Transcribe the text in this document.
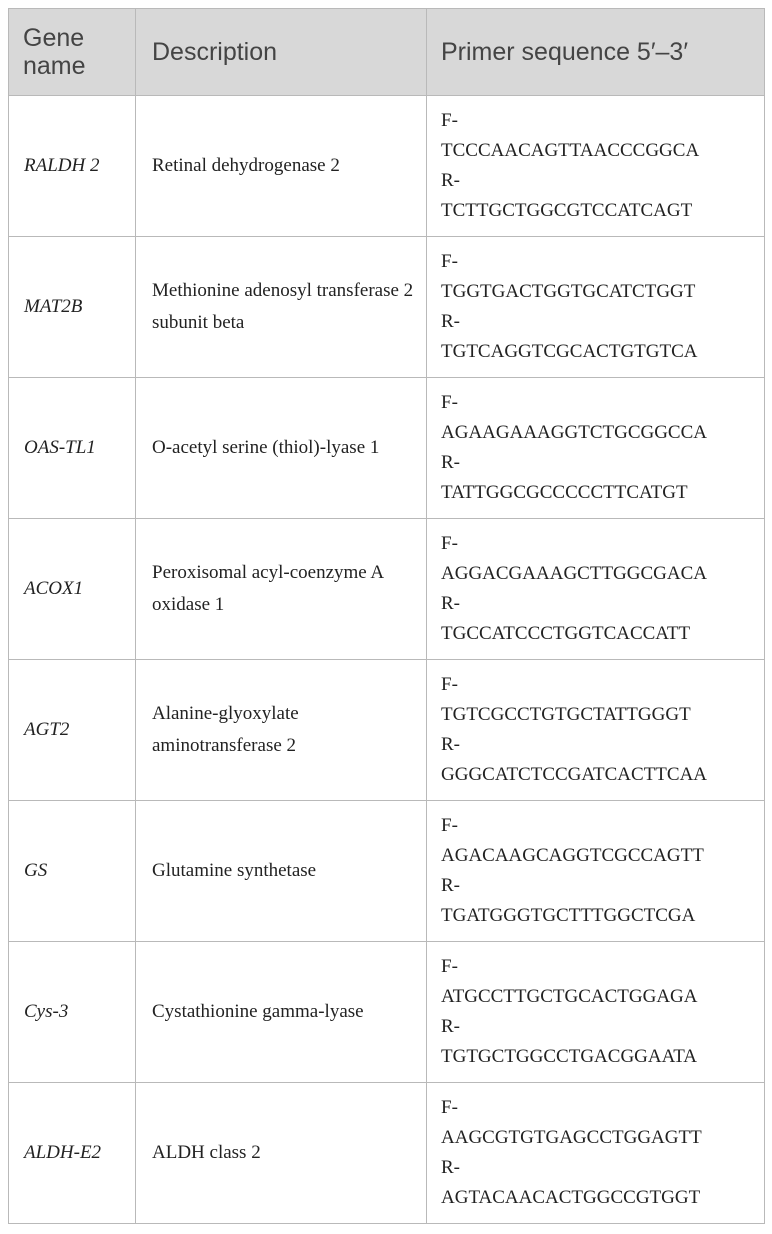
Gene name	Description	Primer sequence 5′–3′
RALDH 2	Retinal dehydrogenase 2	F-
TCCCAACAGTTAACCCGGCA
R-
TCTTGCTGGCGTCCATCAGT

MAT2B	Methionine adenosyl transferase 2 subunit beta	F-
TGGTGACTGGTGCATCTGGT
R-
TGTCAGGTCGCACTGTGTCA

OAS-TL1	O-acetyl serine (thiol)-lyase 1	F-
AGAAGAAAGGTCTGCGGCCA
R-
TATTGGCGCCCCCTTCATGT

ACOX1	Peroxisomal acyl-coenzyme A oxidase 1	F-
AGGACGAAAGCTTGGCGACA
R-
TGCCATCCCTGGTCACCATT

AGT2	Alanine-glyoxylate aminotransferase 2	F-
TGTCGCCTGTGCTATTGGGT
R-
GGGCATCTCCGATCACTTCAA

GS	Glutamine synthetase	F-
AGACAAGCAGGTCGCCAGTT
R-
TGATGGGTGCTTTGGCTCGA

Cys-3	Cystathionine gamma-lyase	F-
ATGCCTTGCTGCACTGGAGA
R-
TGTGCTGGCCTGACGGAATA

ALDH-E2	ALDH class 2	F-
AAGCGTGTGAGCCTGGAGTT
R-
AGTACAACACTGGCCGTGGT
